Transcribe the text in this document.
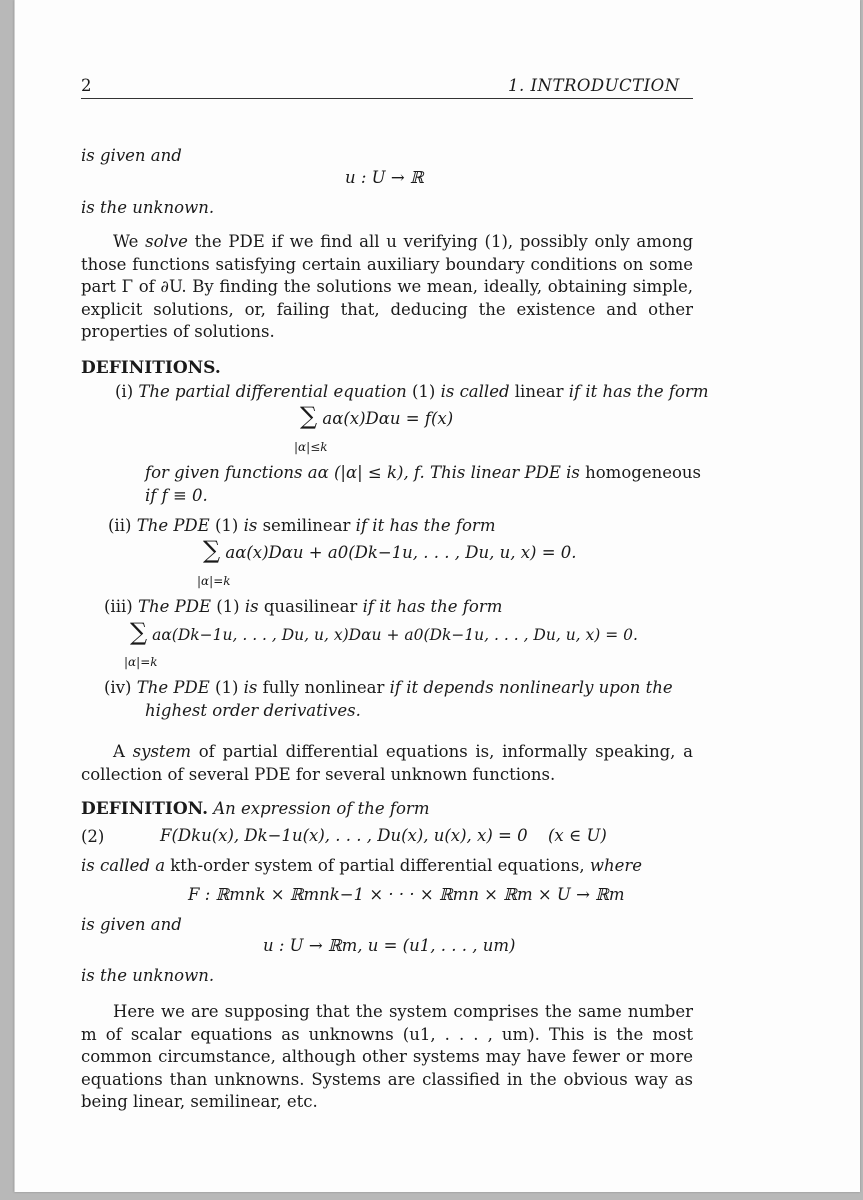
2	1. INTRODUCTION
is given and
u : U → ℝ
is the unknown.
We solve the PDE if we find all u verifying (1), possibly only among those functions satisfying certain auxiliary boundary conditions on some part Γ of ∂U. By finding the solutions we mean, ideally, obtaining simple, explicit solutions, or, failing that, deducing the existence and other properties of solutions.
DEFINITIONS.
(i) The partial differential equation (1) is called linear if it has the form
∑ aα(x)Dαu = f(x)
|α|≤k
for given functions aα (|α| ≤ k), f. This linear PDE is homogeneous
if f ≡ 0.
(ii) The PDE (1) is semilinear if it has the form
∑ aα(x)Dαu + a0(Dk−1u, . . . , Du, u, x) = 0.
|α|=k
(iii) The PDE (1) is quasilinear if it has the form
∑ aα(Dk−1u, . . . , Du, u, x)Dαu + a0(Dk−1u, . . . , Du, u, x) = 0.
|α|=k
(iv) The PDE (1) is fully nonlinear if it depends nonlinearly upon the
highest order derivatives.
A system of partial differential equations is, informally speaking, a collection of several PDE for several unknown functions.
DEFINITION. An expression of the form
(2)	F(Dku(x), Dk−1u(x), . . . , Du(x), u(x), x) = 0 (x ∈ U)
is called a kth-order system of partial differential equations, where
F : ℝmnk × ℝmnk−1 × · · · × ℝmn × ℝm × U → ℝm
is given and
u : U → ℝm, u = (u1, . . . , um)
is the unknown.
Here we are supposing that the system comprises the same number m of scalar equations as unknowns (u1, . . . , um). This is the most common circumstance, although other systems may have fewer or more equations than unknowns. Systems are classified in the obvious way as being linear, semilinear, etc.
